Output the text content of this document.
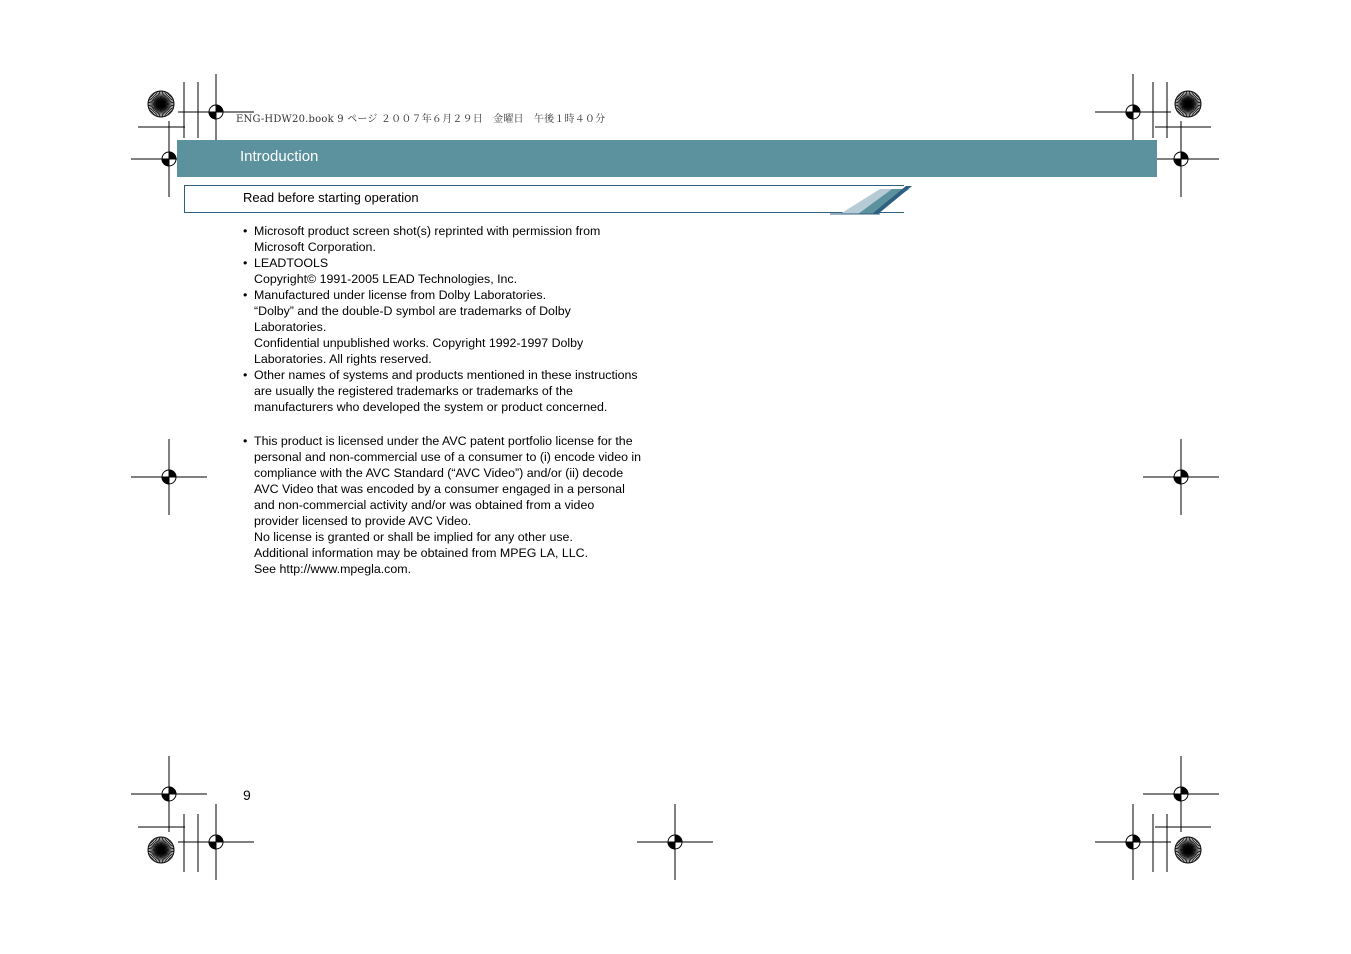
ENG-HDW20.book 9 ページ ２００７年６月２９日　金曜日　午後１時４０分
Introduction
Read before starting operation
• Microsoft product screen shot(s) reprinted with permission from
Microsoft Corporation.
• LEADTOOLS
Copyright© 1991-2005 LEAD Technologies, Inc.
• Manufactured under license from Dolby Laboratories.
“Dolby” and the double-D symbol are trademarks of Dolby
Laboratories.
Confidential unpublished works. Copyright 1992-1997 Dolby
Laboratories. All rights reserved.
• Other names of systems and products mentioned in these instructions
are usually the registered trademarks or trademarks of the
manufacturers who developed the system or product concerned.
• This product is licensed under the AVC patent portfolio license for the
personal and non-commercial use of a consumer to (i) encode video in
compliance with the AVC Standard (“AVC Video”) and/or (ii) decode
AVC Video that was encoded by a consumer engaged in a personal
and non-commercial activity and/or was obtained from a video
provider licensed to provide AVC Video.
No license is granted or shall be implied for any other use.
Additional information may be obtained from MPEG LA, LLC.
See http://www.mpegla.com.
9
